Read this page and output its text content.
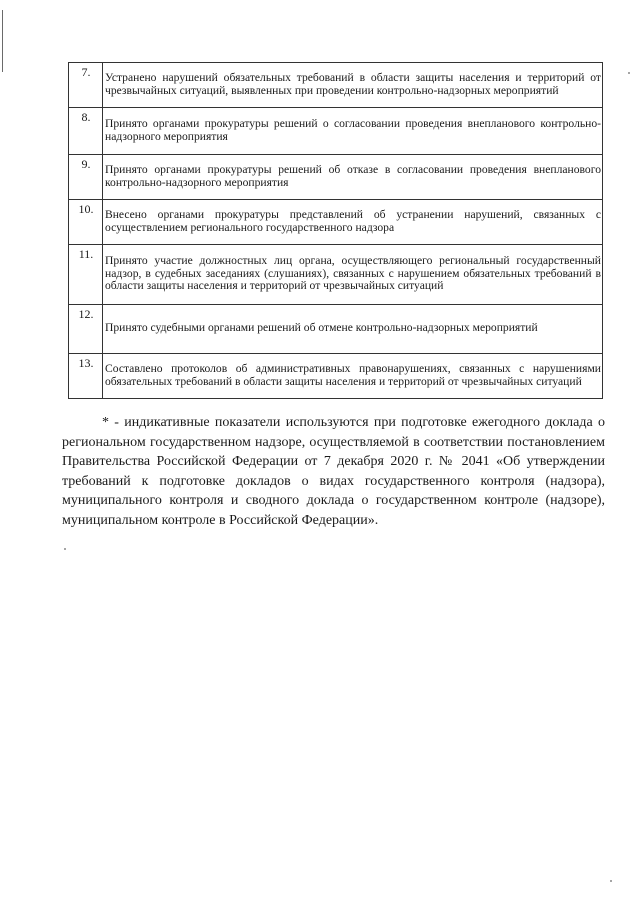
7.	Устранено нарушений обязательных требований в области защиты населения и территорий от чрезвычайных ситуаций, выявленных при проведении контрольно-надзорных мероприятий
8.	Принято органами прокуратуры решений о согласовании проведения внепланового контрольно-надзорного мероприятия
9.	Принято органами прокуратуры решений об отказе в согласовании проведения внепланового контрольно-надзорного мероприятия
10.	Внесено органами прокуратуры представлений об устранении нарушений, связанных с осуществлением регионального государственного надзора
11.	Принято участие должностных лиц органа, осуществляющего региональный государственный надзор, в судебных заседаниях (слушаниях), связанных с нарушением обязательных требований в области защиты населения и территорий от чрезвычайных ситуаций
12.	Принято судебными органами решений об отмене контрольно-надзорных мероприятий
13.	Составлено протоколов об административных правонарушениях, связанных с нарушениями обязательных требований в области защиты населения и территорий от чрезвычайных ситуаций

* - индикативные показатели используются при подготовке ежегодного доклада о региональном государственном надзоре, осуществляемой в соответствии постановлением Правительства Российской Федерации от 7 декабря 2020 г. № 2041 «Об утверждении требований к подготовке докладов о видах государственного контроля (надзора), муниципального контроля и сводного доклада о государственном контроле (надзоре), муниципальном контроле в Российской Федерации».
